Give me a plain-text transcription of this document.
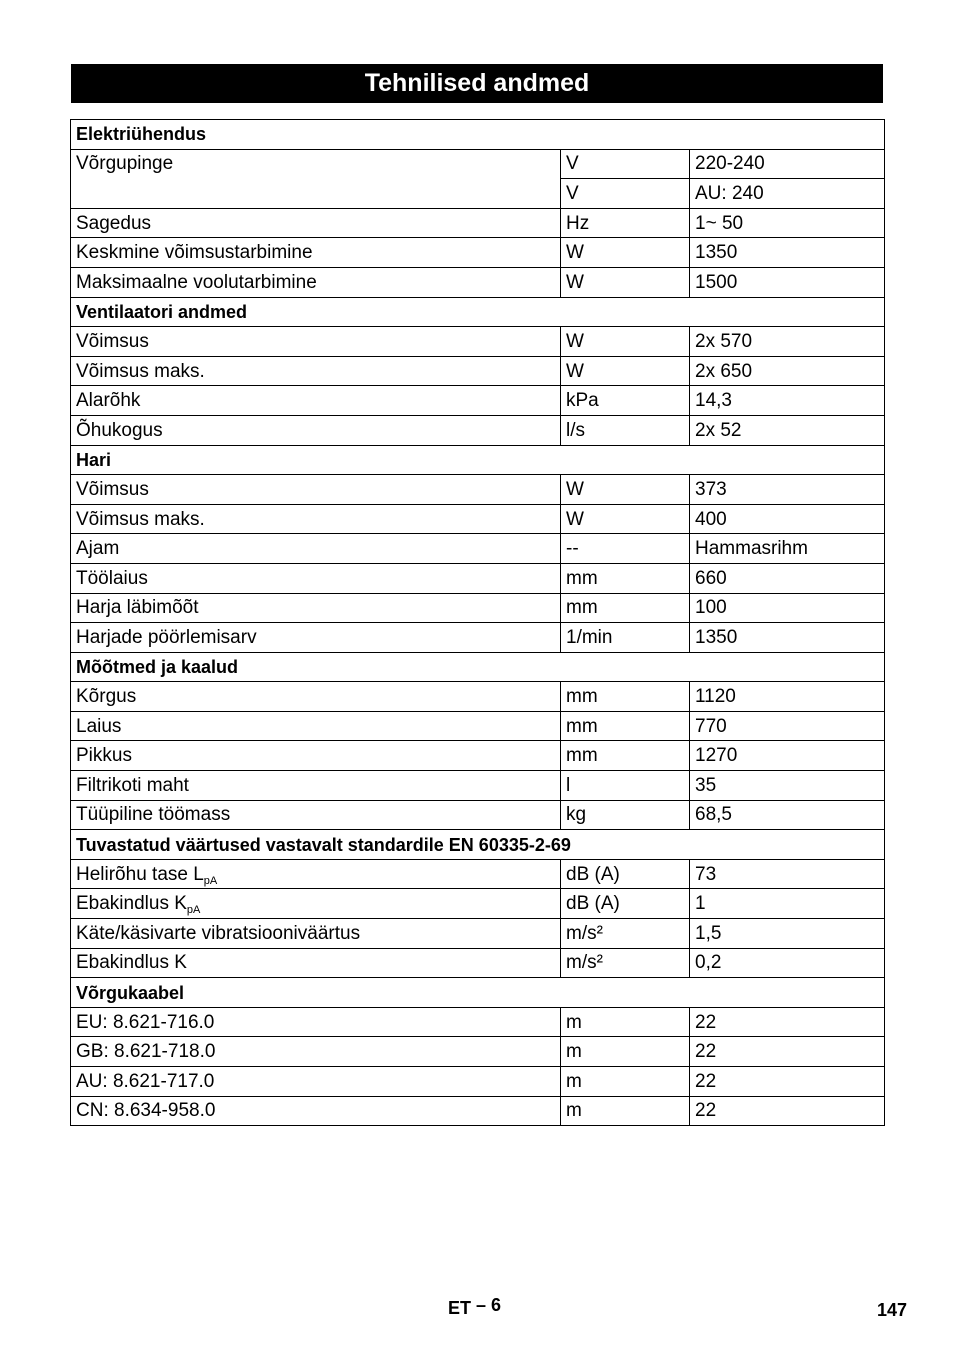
Tehnilised andmed
Elektriühendus		
Võrgupinge	V	220-240
	V	AU: 240
Sagedus	Hz	1~ 50
Keskmine võimsustarbimine	W	1350
Maksimaalne voolutarbimine	W	1500
Ventilaatori andmed		
Võimsus	W	2x 570
Võimsus maks.	W	2x 650
Alarõhk	kPa	14,3
Õhukogus	l/s	2x 52
Hari		
Võimsus	W	373
Võimsus maks.	W	400
Ajam	--	Hammasrihm
Töölaius	mm	660
Harja läbimõõt	mm	100
Harjade pöörlemisarv	1/min	1350
Mõõtmed ja kaalud		
Kõrgus	mm	1120
Laius	mm	770
Pikkus	mm	1270
Filtrikoti maht	l	35
Tüüpiline töömass	kg	68,5
Tuvastatud väärtused vastavalt standardile EN 60335-2-69		
Helirõhu tase $L_{pA}$	dB (A)	73
Ebakindlus $K_{pA}$	dB (A)	1
Käte/käsivarte vibratsiooniväärtus	m/s²	1,5
Ebakindlus K	m/s²	0,2
Võrgukaabel		
EU: 8.621-716.0	m	22
GB: 8.621-718.0	m	22
AU: 8.621-717.0	m	22
CN: 8.634-958.0	m	22
ET – 6	147
